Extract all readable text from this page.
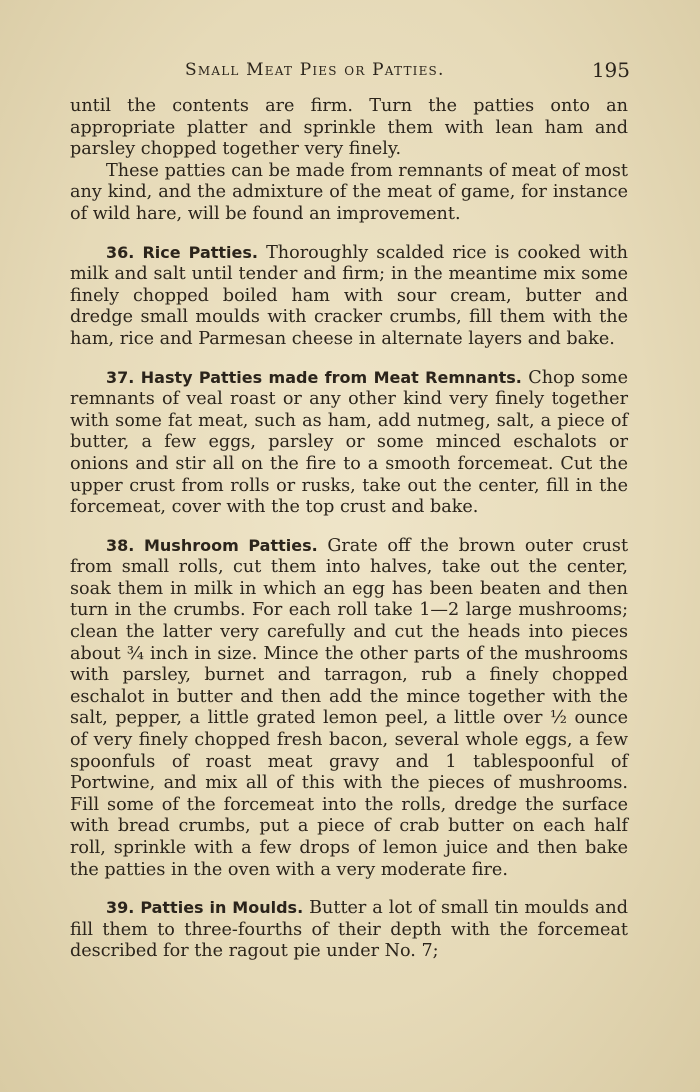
Small Meat Pies or Patties.	195

until the contents are firm. Turn the patties onto an appropriate platter and sprinkle them with lean ham and parsley chopped together very finely.

These patties can be made from remnants of meat of most any kind, and the admixture of the meat of game, for instance of wild hare, will be found an improvement.

36. Rice Patties. Thoroughly scalded rice is cooked with milk and salt until tender and firm; in the meantime mix some finely chopped boiled ham with sour cream, butter and dredge small moulds with cracker crumbs, fill them with the ham, rice and Parmesan cheese in alternate layers and bake.

37. Hasty Patties made from Meat Remnants. Chop some remnants of veal roast or any other kind very finely together with some fat meat, such as ham, add nutmeg, salt, a piece of butter, a few eggs, parsley or some minced eschalots or onions and stir all on the fire to a smooth forcemeat. Cut the upper crust from rolls or rusks, take out the center, fill in the forcemeat, cover with the top crust and bake.

38. Mushroom Patties. Grate off the brown outer crust from small rolls, cut them into halves, take out the center, soak them in milk in which an egg has been beaten and then turn in the crumbs. For each roll take 1—2 large mushrooms; clean the latter very carefully and cut the heads into pieces about ¾ inch in size. Mince the other parts of the mushrooms with parsley, burnet and tarragon, rub a finely chopped eschalot in butter and then add the mince together with the salt, pepper, a little grated lemon peel, a little over ½ ounce of very finely chopped fresh bacon, several whole eggs, a few spoonfuls of roast meat gravy and 1 tablespoonful of Portwine, and mix all of this with the pieces of mushrooms. Fill some of the forcemeat into the rolls, dredge the surface with bread crumbs, put a piece of crab butter on each half roll, sprinkle with a few drops of lemon juice and then bake the patties in the oven with a very moderate fire.

39. Patties in Moulds. Butter a lot of small tin moulds and fill them to three-fourths of their depth with the forcemeat described for the ragout pie under No. 7;
